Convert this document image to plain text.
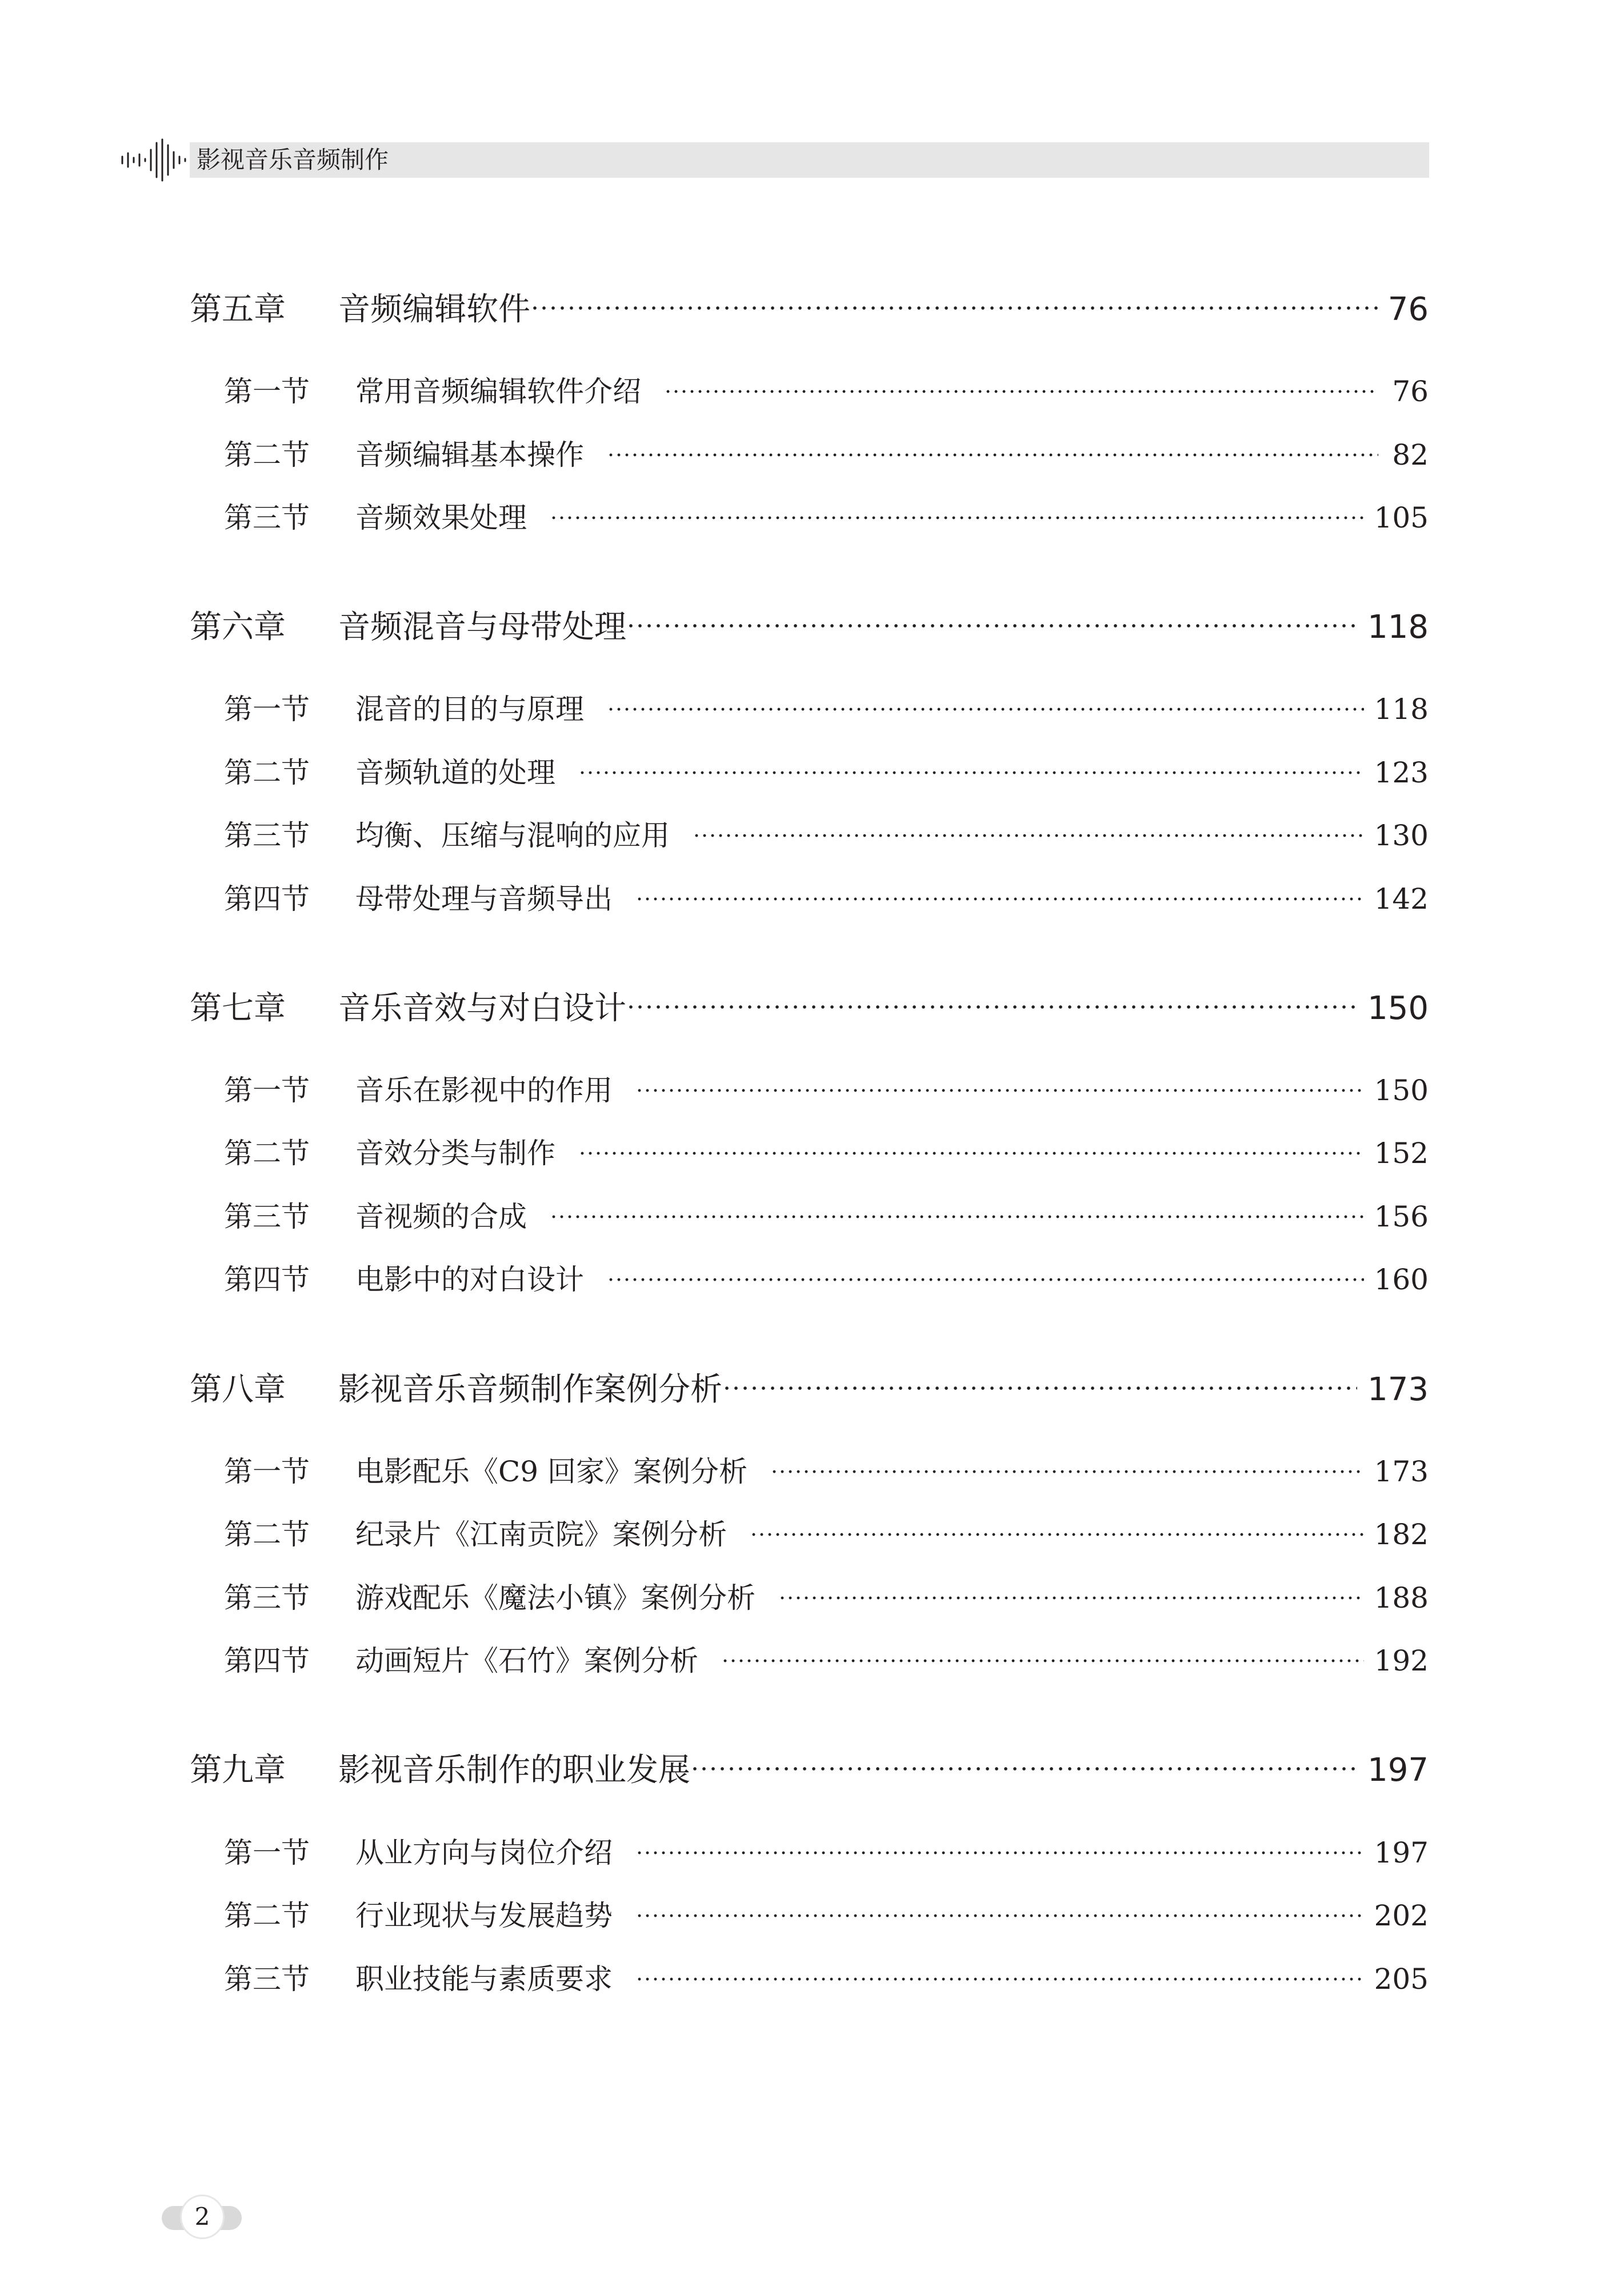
影视音乐音频制作
第五章	音频编辑软件	76
第一节	常用音频编辑软件介绍	76
第二节	音频编辑基本操作	82
第三节	音频效果处理	105
第六章	音频混音与母带处理	118
第一节	混音的目的与原理	118
第二节	音频轨道的处理	123
第三节	均衡、压缩与混响的应用	130
第四节	母带处理与音频导出	142
第七章	音乐音效与对白设计	150
第一节	音乐在影视中的作用	150
第二节	音效分类与制作	152
第三节	音视频的合成	156
第四节	电影中的对白设计	160
第八章	影视音乐音频制作案例分析	173
第一节	电影配乐《C9 回家》案例分析	173
第二节	纪录片《江南贡院》案例分析	182
第三节	游戏配乐《魔法小镇》案例分析	188
第四节	动画短片《石竹》案例分析	192
第九章	影视音乐制作的职业发展	197
第一节	从业方向与岗位介绍	197
第二节	行业现状与发展趋势	202
第三节	职业技能与素质要求	205
2
